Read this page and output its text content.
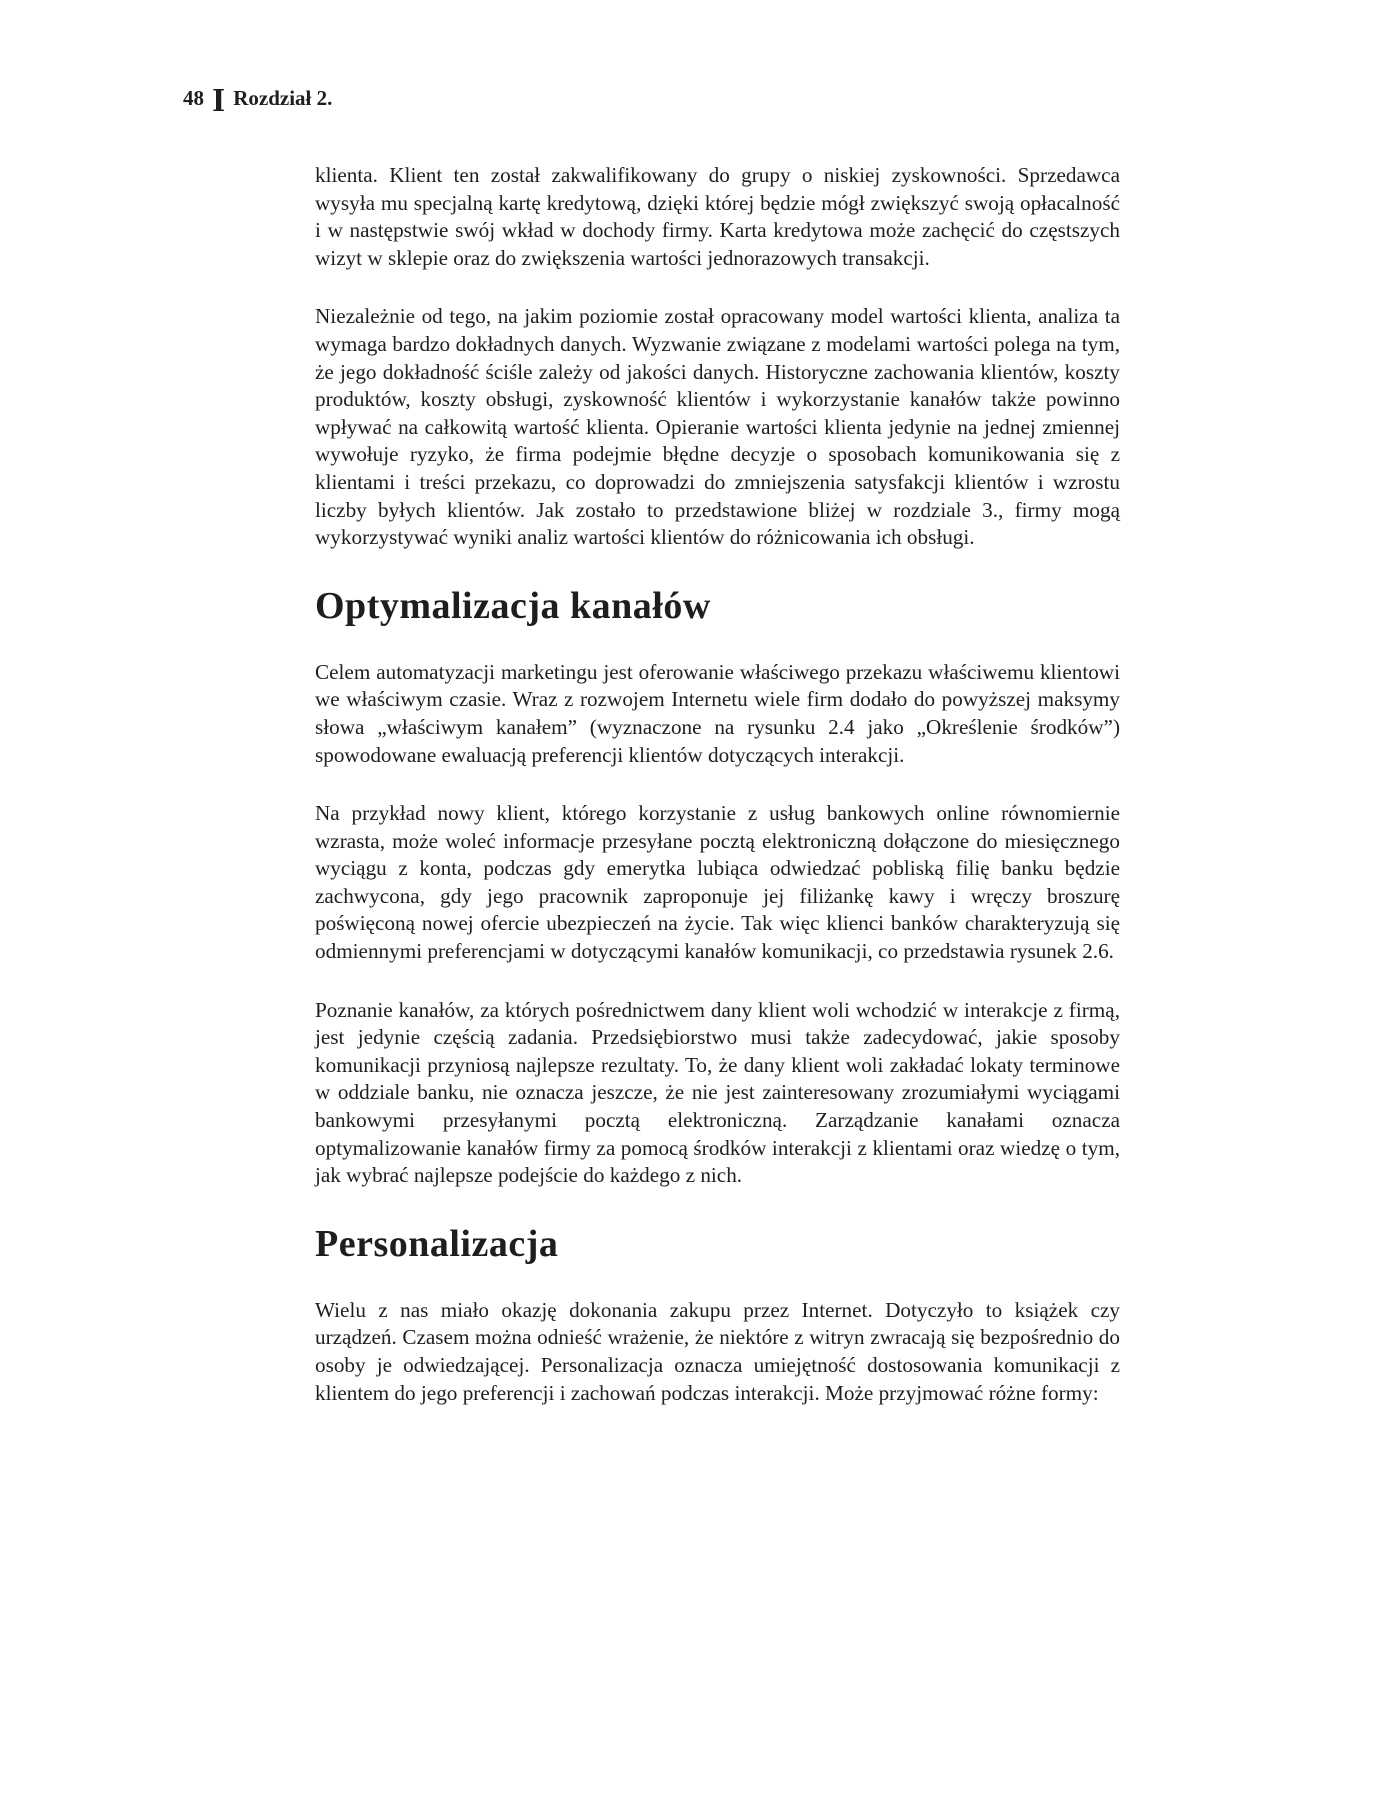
48 I Rozdział 2.

klienta. Klient ten został zakwalifikowany do grupy o niskiej zyskowności. Sprzedawca wysyła mu specjalną kartę kredytową, dzięki której będzie mógł zwiększyć swoją opłacalność i w następstwie swój wkład w dochody firmy. Karta kredytowa może zachęcić do częstszych wizyt w sklepie oraz do zwiększenia wartości jednorazowych transakcji.

Niezależnie od tego, na jakim poziomie został opracowany model wartości klienta, analiza ta wymaga bardzo dokładnych danych. Wyzwanie związane z modelami wartości polega na tym, że jego dokładność ściśle zależy od jakości danych. Historyczne zachowania klientów, koszty produktów, koszty obsługi, zyskowność klientów i wykorzystanie kanałów także powinno wpływać na całkowitą wartość klienta. Opieranie wartości klienta jedynie na jednej zmiennej wywołuje ryzyko, że firma podejmie błędne decyzje o sposobach komunikowania się z klientami i treści przekazu, co doprowadzi do zmniejszenia satysfakcji klientów i wzrostu liczby byłych klientów. Jak zostało to przedstawione bliżej w rozdziale 3., firmy mogą wykorzystywać wyniki analiz wartości klientów do różnicowania ich obsługi.

Optymalizacja kanałów

Celem automatyzacji marketingu jest oferowanie właściwego przekazu właściwemu klientowi we właściwym czasie. Wraz z rozwojem Internetu wiele firm dodało do powyższej maksymy słowa „właściwym kanałem” (wyznaczone na rysunku 2.4 jako „Określenie środków”) spowodowane ewaluacją preferencji klientów dotyczących interakcji.

Na przykład nowy klient, którego korzystanie z usług bankowych online równomiernie wzrasta, może woleć informacje przesyłane pocztą elektroniczną dołączone do miesięcznego wyciągu z konta, podczas gdy emerytka lubiąca odwiedzać pobliską filię banku będzie zachwycona, gdy jego pracownik zaproponuje jej filiżankę kawy i wręczy broszurę poświęconą nowej ofercie ubezpieczeń na życie. Tak więc klienci banków charakteryzują się odmiennymi preferencjami w dotyczącymi kanałów komunikacji, co przedstawia rysunek 2.6.

Poznanie kanałów, za których pośrednictwem dany klient woli wchodzić w interakcje z firmą, jest jedynie częścią zadania. Przedsiębiorstwo musi także zadecydować, jakie sposoby komunikacji przyniosą najlepsze rezultaty. To, że dany klient woli zakładać lokaty terminowe w oddziale banku, nie oznacza jeszcze, że nie jest zainteresowany zrozumiałymi wyciągami bankowymi przesyłanymi pocztą elektroniczną. Zarządzanie kanałami oznacza optymalizowanie kanałów firmy za pomocą środków interakcji z klientami oraz wiedzę o tym, jak wybrać najlepsze podejście do każdego z nich.

Personalizacja

Wielu z nas miało okazję dokonania zakupu przez Internet. Dotyczyło to książek czy urządzeń. Czasem można odnieść wrażenie, że niektóre z witryn zwracają się bezpośrednio do osoby je odwiedzającej. Personalizacja oznacza umiejętność dostosowania komunikacji z klientem do jego preferencji i zachowań podczas interakcji. Może przyjmować różne formy:
